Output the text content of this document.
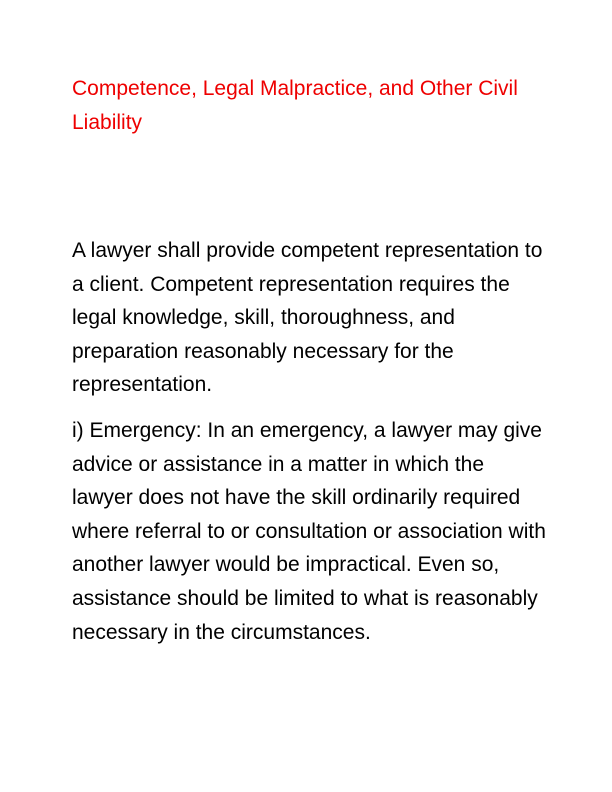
Competence, Legal Malpractice, and Other Civil Liability

A lawyer shall provide competent representation to a client. Competent representation requires the legal knowledge, skill, thoroughness, and preparation reasonably necessary for the representation.

i) Emergency: In an emergency, a lawyer may give advice or assistance in a matter in which the lawyer does not have the skill ordinarily required where referral to or consultation or association with another lawyer would be impractical. Even so, assistance should be limited to what is reasonably necessary in the circumstances.
